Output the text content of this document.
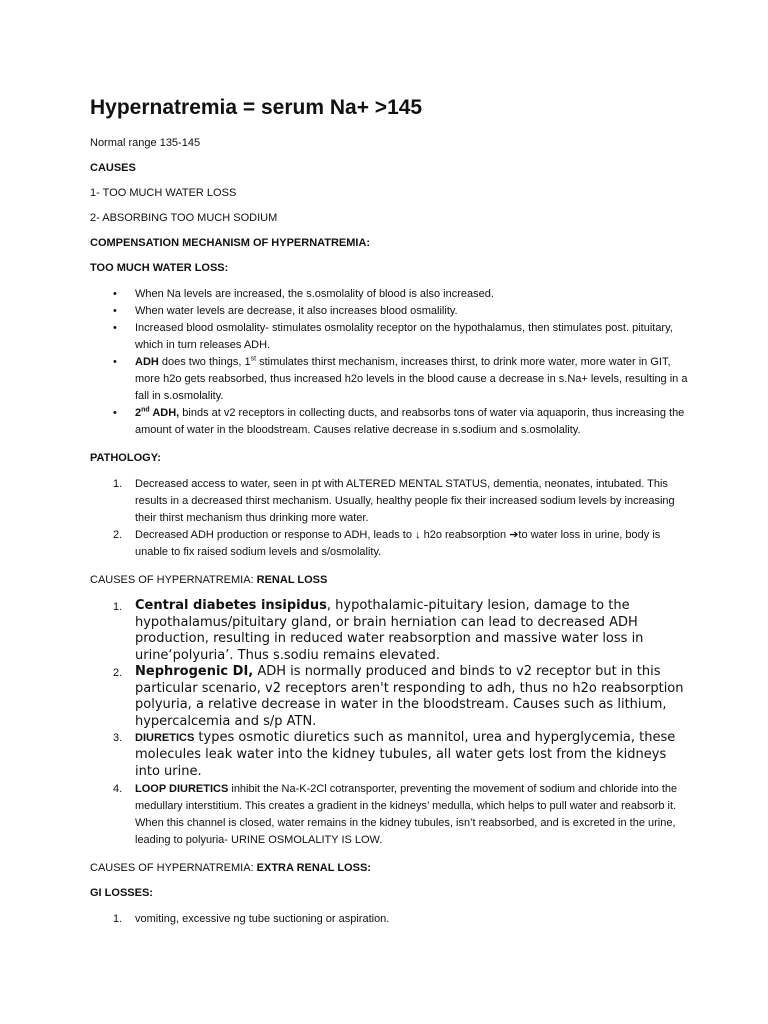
Hypernatremia = serum Na+ >145

Normal range 135-145

CAUSES

1- TOO MUCH WATER LOSS

2- ABSORBING TOO MUCH SODIUM

COMPENSATION MECHANISM OF HYPERNATREMIA:

TOO MUCH WATER LOSS:

• When Na levels are increased, the s.osmolality of blood is also increased.
• When water levels are decrease, it also increases blood osmalility.
• Increased blood osmolality- stimulates osmolality receptor on the hypothalamus, then stimulates post. pituitary, which in turn releases ADH.
• ADH does two things, 1st stimulates thirst mechanism, increases thirst, to drink more water, more water in GIT, more h2o gets reabsorbed, thus increased h2o levels in the blood cause a decrease in s.Na+ levels, resulting in a fall in s.osmolality.
• 2nd ADH, binds at v2 receptors in collecting ducts, and reabsorbs tons of water via aquaporin, thus increasing the amount of water in the bloodstream. Causes relative decrease in s.sodium and s.osmolality.

PATHOLOGY:

1. Decreased access to water, seen in pt with ALTERED MENTAL STATUS, dementia, neonates, intubated. This results in a decreased thirst mechanism. Usually, healthy people fix their increased sodium levels by increasing their thirst mechanism thus drinking more water.
2. Decreased ADH production or response to ADH, leads to ↓ h2o reabsorption ➔to water loss in urine, body is unable to fix raised sodium levels and s/osmolality.

CAUSES OF HYPERNATREMIA: RENAL LOSS

1. Central diabetes insipidus, hypothalamic-pituitary lesion, damage to the hypothalamus/pituitary gland, or brain herniation can lead to decreased ADH production, resulting in reduced water reabsorption and massive water loss in urine‘polyuria’. Thus s.sodiu remains elevated.
2. Nephrogenic DI, ADH is normally produced and binds to v2 receptor but in this particular scenario, v2 receptors aren't responding to adh, thus no h2o reabsorption polyuria, a relative decrease in water in the bloodstream. Causes such as lithium, hypercalcemia and s/p ATN.
3. DIURETICS types osmotic diuretics such as mannitol, urea and hyperglycemia, these molecules leak water into the kidney tubules, all water gets lost from the kidneys into urine.
4. LOOP DIURETICS inhibit the Na-K-2Cl cotransporter, preventing the movement of sodium and chloride into the medullary interstitium. This creates a gradient in the kidneys’ medulla, which helps to pull water and reabsorb it. When this channel is closed, water remains in the kidney tubules, isn’t reabsorbed, and is excreted in the urine, leading to polyuria- URINE OSMOLALITY IS LOW.

CAUSES OF HYPERNATREMIA: EXTRA RENAL LOSS:

GI LOSSES:

1. vomiting, excessive ng tube suctioning or aspiration.
